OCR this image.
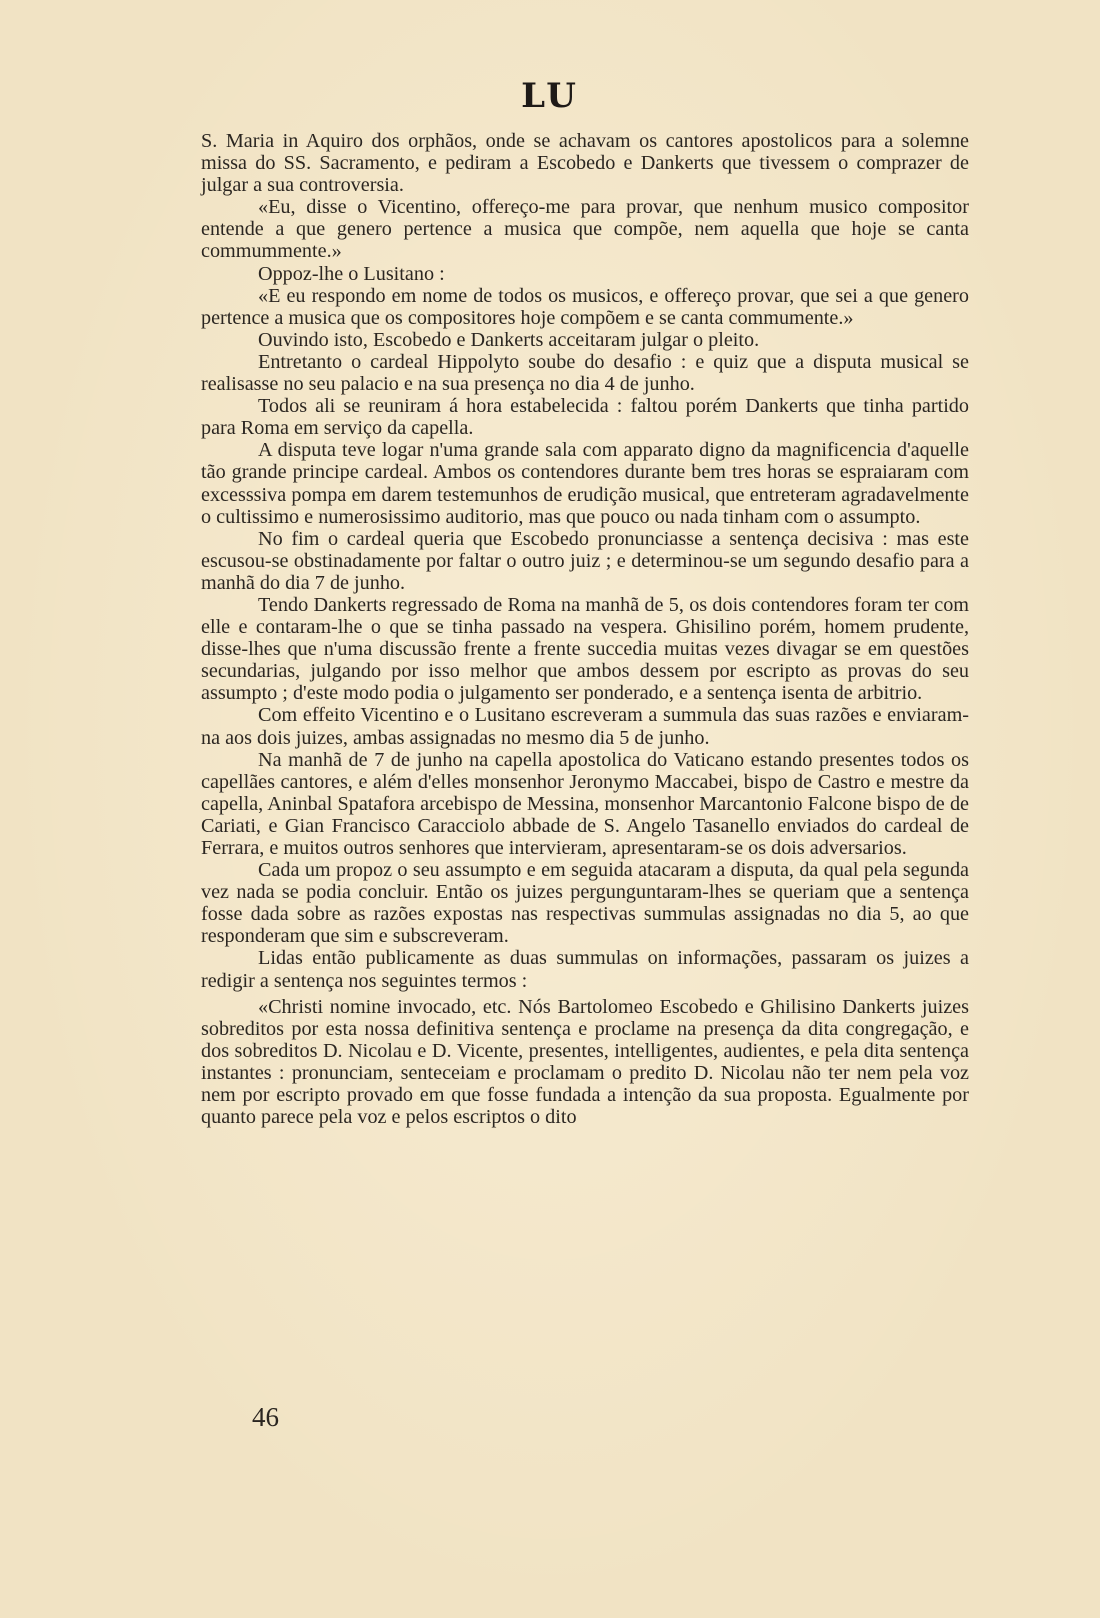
LU

S. Maria in Aquiro dos orphãos, onde se achavam os cantores apostolicos para a solemne missa do SS. Sacramento, e pediram a Escobedo e Dankerts que tivessem o comprazer de julgar a sua controversia.

«Eu, disse o Vicentino, offereço-me para provar, que nenhum musico compositor entende a que genero pertence a musica que compõe, nem aquella que hoje se canta commummente.»

Oppoz-lhe o Lusitano :

«E eu respondo em nome de todos os musicos, e offereço provar, que sei a que genero pertence a musica que os compositores hoje compõem e se canta commumente.»

Ouvindo isto, Escobedo e Dankerts acceitaram julgar o pleito.

Entretanto o cardeal Hippolyto soube do desafio : e quiz que a disputa musical se realisasse no seu palacio e na sua presença no dia 4 de junho.

Todos ali se reuniram á hora estabelecida : faltou porém Dankerts que tinha partido para Roma em serviço da capella.

A disputa teve logar n'uma grande sala com apparato digno da magnificencia d'aquelle tão grande principe cardeal. Ambos os contendores durante bem tres horas se espraiaram com excesssiva pompa em darem testemunhos de erudição musical, que entreteram agradavelmente o cultissimo e numerosissimo auditorio, mas que pouco ou nada tinham com o assumpto.

No fim o cardeal queria que Escobedo pronunciasse a sentença decisiva : mas este escusou-se obstinadamente por faltar o outro juiz ; e determinou-se um segundo desafio para a manhã do dia 7 de junho.

Tendo Dankerts regressado de Roma na manhã de 5, os dois contendores foram ter com elle e contaram-lhe o que se tinha passado na vespera. Ghisilino porém, homem prudente, disse-lhes que n'uma discussão frente a frente succedia muitas vezes divagar se em questões secundarias, julgando por isso melhor que ambos dessem por escripto as provas do seu assumpto ; d'este modo podia o julgamento ser ponderado, e a sentença isenta de arbitrio.

Com effeito Vicentino e o Lusitano escreveram a summula das suas razões e enviaram-na aos dois juizes, ambas assignadas no mesmo dia 5 de junho.

Na manhã de 7 de junho na capella apostolica do Vaticano estando presentes todos os capellães cantores, e além d'elles monsenhor Jeronymo Maccabei, bispo de Castro e mestre da capella, Aninbal Spatafora arcebispo de Messina, monsenhor Marcantonio Falcone bispo de de Cariati, e Gian Francisco Caracciolo abbade de S. Angelo Tasanello enviados do cardeal de Ferrara, e muitos outros senhores que intervieram, apresentaram-se os dois adversarios.

Cada um propoz o seu assumpto e em seguida atacaram a disputa, da qual pela segunda vez nada se podia concluir. Então os juizes pergunguntaram-lhes se queriam que a sentença fosse dada sobre as razões expostas nas respectivas summulas assignadas no dia 5, ao que responderam que sim e subscreveram.

Lidas então publicamente as duas summulas on informações, passaram os juizes a redigir a sentença nos seguintes termos :

«Christi nomine invocado, etc. Nós Bartolomeo Escobedo e Ghilisino Dankerts juizes sobreditos por esta nossa definitiva sentença e proclame na presença da dita congregação, e dos sobreditos D. Nicolau e D. Vicente, presentes, intelligentes, audientes, e pela dita sentença instantes : pronunciam, senteceiam e proclamam o predito D. Nicolau não ter nem pela voz nem por escripto provado em que fosse fundada a intenção da sua proposta. Egualmente por quanto parece pela voz e pelos escriptos o dito

46
